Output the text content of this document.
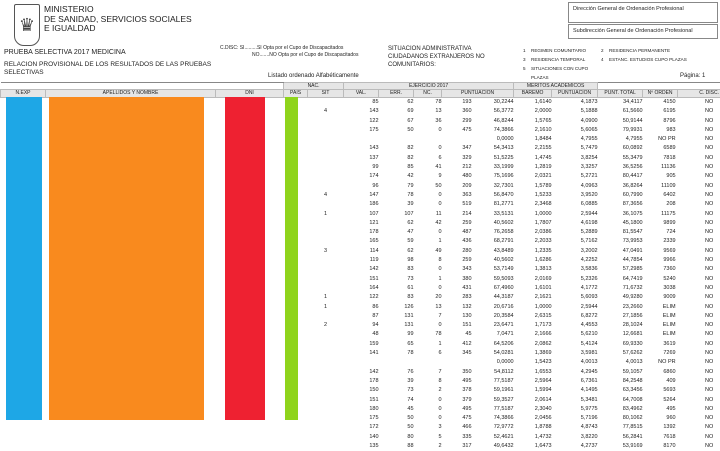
♛
MINISTERIO
DE SANIDAD, SERVICIOS SOCIALES
E IGUALDAD
PRUEBA SELECTIVA 2017 MEDICINA
RELACION PROVISIONAL DE LOS RESULTADOS DE LAS PRUEBAS SELECTIVAS
C.DISC: SI.........SI Opta por el Cupo de Discapacitados
NO.......NO Opta por el Cupo de Discapacitados
SITUACION ADMINISTRATIVA CIUDADANOS EXTRANJEROS NO COMUNITARIOS:
1	REGIMEN COMUNITARIO	2	RESIDENCIA PERMANENTE
3	RESIDENCIA TEMPORAL	4	ESTANC. ESTUDIOS CUPO PLAZAS
5	SITUACIONES CON CUPO PLAZAS
Dirección General de Ordenación Profesional
Subdirección General de Ordenación Profesional
Listado ordenado Alfabéticamente	Página: 1
			NAC.		EJERCICIO 2017					MÉRITOS ACADÉMICOS				
N.EXP	APELLIDOS Y NOMBRE	DNI	PAIS	SIT	VAL.	ERR.	NC.	PUNTUACION		BAREMO	PUNTUACION	PUNT. TOTAL	Nº ORDEN	C. DISC.
					85	62	78	193	30,2244	1,6140	4,1873	34,4117	4150	NO
				4	143	69	13	360	56,3772	2,0000	5,1888	61,5660	6195	NO
					122	67	36	299	46,8244	1,5765	4,0900	50,9144	8796	NO
					175	50	0	475	74,3866	2,1610	5,6065	79,9931	983	NO
									0,0000	1,8484	4,7955	4,7955	NO PR	NO
					143	82	0	347	54,3413	2,2155	5,7479	60,0892	6589	NO
					137	82	6	329	51,5225	1,4745	3,8254	55,3479	7818	NO
					99	85	41	212	33,1999	1,2819	3,3257	36,5256	11136	NO
					174	42	9	480	75,1696	2,0321	5,2721	80,4417	905	NO
					96	79	50	209	32,7301	1,5789	4,0963	36,8264	11109	NO
				4	147	78	0	363	56,8470	1,5233	3,9520	60,7990	6402	NO
					186	39	0	519	81,2771	2,3468	6,0885	87,3656	208	NO
				1	107	107	11	214	33,5131	1,0000	2,5944	36,1075	11175	NO
					121	62	42	259	40,5602	1,7807	4,6198	45,1800	9899	NO
					178	47	0	487	76,2658	2,0386	5,2889	81,5547	724	NO
					165	59	1	436	68,2791	2,2033	5,7162	73,9953	2339	NO
				3	114	62	49	280	43,8489	1,2335	3,2002	47,0491	9569	NO
					119	98	8	259	40,5602	1,6286	4,2252	44,7854	9966	NO
					142	83	0	343	53,7149	1,3813	3,5836	57,2985	7360	NO
					151	73	1	380	59,5093	2,0169	5,2326	64,7419	5240	NO
					164	61	0	431	67,4960	1,6101	4,1772	71,6732	3038	NO
				1	122	83	20	283	44,3187	2,1621	5,6093	49,9280	9009	NO
				1	86	126	13	132	20,6716	1,0000	2,5944	23,2660	ELIM	NO
					87	131	7	130	20,3584	2,6315	6,8272	27,1856	ELIM	NO
				2	94	131	0	151	23,6471	1,7173	4,4553	28,1024	ELIM	NO
					48	99	78	45	7,0471	2,1666	5,6210	12,6681	ELIM	NO
					159	65	1	412	64,5206	2,0862	5,4124	69,9330	3619	NO
					141	78	6	345	54,0281	1,3869	3,5981	57,6262	7269	NO
									0,0000	1,5423	4,0013	4,0013	NO PR	NO
					142	76	7	350	54,8112	1,6553	4,2945	59,1057	6860	NO
					178	39	8	495	77,5187	2,5964	6,7361	84,2548	409	NO
					150	73	2	378	59,1961	1,5994	4,1495	63,3456	5693	NO
					151	74	0	379	59,3527	2,0614	5,3481	64,7008	5264	NO
					180	45	0	495	77,5187	2,3040	5,9775	83,4962	495	NO
					175	50	0	475	74,3866	2,0456	5,7196	80,1062	960	NO
					172	50	3	466	72,9772	1,8788	4,8743	77,8515	1392	NO
					140	80	5	335	52,4621	1,4732	3,8220	56,2841	7618	NO
					135	88	2	317	49,6432	1,6473	4,2737	53,9169	8170	NO
